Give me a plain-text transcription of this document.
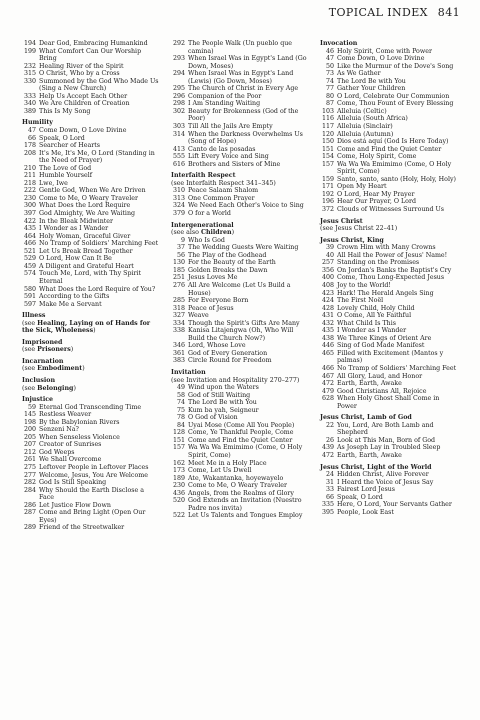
TOPICAL INDEX 841
194 Dear God, Embracing Humankind
199 What Comfort Can Our Worship Bring
232 Healing River of the Spirit
315 O Christ, Who by a Cross
330 Summoned by the God Who Made Us (Sing a New Church)
333 Help Us Accept Each Other
340 We Are Children of Creation
389 This Is My Song
Humility
47 Come Down, O Love Divine
66 Speak, O Lord
178 Searcher of Hearts
208 It's Me, It's Me, O Lord (Standing in the Need of Prayer)
210 The Love of God
211 Humble Yourself
218 Lwe, Iwe
222 Gentle God, When We Are Driven
230 Come to Me, O Weary Traveler
300 What Does the Lord Require
397 God Almighty, We Are Waiting
422 In the Bleak Midwinter
435 I Wonder as I Wander
464 Holy Woman, Graceful Giver
466 No Tramp of Soldiers' Marching Feet
521 Let Us Break Bread Together
529 O Lord, How Can It Be
459 A Diligent and Grateful Heart
574 Touch Me, Lord, with Thy Spirit Eternal
580 What Does the Lord Require of You?
591 According to the Gifts
597 Make Me a Servant
Illness
(see Healing, Laying on of Hands for the Sick, Wholeness)
Imprisoned
(see Prisoners)
Incarnation
(see Embodiment)
Inclusion
(see Belonging)
Injustice
59 Eternal God Transcending Time
145 Restless Weaver
198 By the Babylonian Rivers
200 Senzeni Na?
205 When Senseless Violence
207 Creator of Sunrises
212 God Weeps
261 We Shall Overcome
275 Leftover People in Leftover Places
277 Welcome, Jesus, You Are Welcome
282 God Is Still Speaking
284 Why Should the Earth Disclose a Face
286 Let Justice Flow Down
287 Come and Bring Light (Open Our Eyes)
289 Friend of the Streetwalker
292 The People Walk (Un pueblo que camina)
293 When Israel Was in Egypt's Land (Go Down, Moses)
294 When Israel Was in Egypt's Land (Lewis) (Go Down, Moses)
295 The Church of Christ in Every Age
296 Companion of the Poor
298 I Am Standing Waiting
302 Beauty for Brokenness (God of the Poor)
303 Till All the Jails Are Empty
314 When the Darkness Overwhelms Us (Song of Hope)
413 Canto de las posadas
555 Lift Every Voice and Sing
616 Brothers and Sisters of Mine
Interfaith Respect
(see Interfaith Respect 341–345)
310 Peace Salaam Shalom
313 One Common Prayer
324 We Need Each Other's Voice to Sing
379 O for a World
Intergenerational
(see also Children)
9 Who Is God
37 The Wedding Guests Were Waiting
56 The Play of the Godhead
130 For the Beauty of the Earth
185 Golden Breaks the Dawn
251 Jesus Loves Me
276 All Are Welcome (Let Us Build a House)
285 For Everyone Born
318 Peace of Jesus
327 Weave
334 Though the Spirit's Gifts Are Many
338 Kanisa Litajengwa (Oh, Who Will Build the Church Now?)
346 Lord, Whose Love
361 God of Every Generation
383 Circle Round for Freedom
Invitation
(see Invitation and Hospitality 270–277)
49 Wind upon the Waters
58 God of Still Waiting
74 The Lord Be with You
75 Kum ba yah, Seigneur
78 O God of Vision
84 Uyai Mose (Come All You People)
128 Come, Ye Thankful People, Come
151 Come and Find the Quiet Center
157 Wa Wa Wa Emimimo (Come, O Holy Spirit, Come)
162 Meet Me in a Holy Place
173 Come, Let Us Dwell
189 Ate, Wakantanka, hoyewayelo
230 Come to Me, O Weary Traveler
436 Angels, from the Realms of Glory
520 God Extends an Invitation (Nuestro Padre nos invita)
522 Let Us Talents and Tongues Employ
Invocation
46 Holy Spirit, Come with Power
47 Come Down, O Love Divine
50 Like the Murmur of the Dove's Song
73 As We Gather
74 The Lord Be with You
77 Gather Your Children
80 O Lord, Celebrate Our Communion
87 Come, Thou Fount of Every Blessing
103 Alleluia (Celtic)
116 Alleluia (South Africa)
117 Alleluia (Sinclair)
120 Alleluia (Autumn)
150 Dios está aquí (God Is Here Today)
151 Come and Find the Quiet Center
154 Come, Holy Spirit, Come
157 Wa Wa Wa Emimimo (Come, O Holy Spirit, Come)
159 Santo, santo, santo (Holy, Holy, Holy)
171 Open My Heart
192 O Lord, Hear My Prayer
196 Hear Our Prayer, O Lord
372 Clouds of Witnesses Surround Us
Jesus Christ
(see Jesus Christ 22–41)
Jesus Christ, King
39 Crown Him with Many Crowns
40 All Hail the Power of Jesus' Name!
257 Standing on the Promises
356 On Jordan's Banks the Baptist's Cry
400 Come, Thou Long-Expected Jesus
408 Joy to the World!
423 Hark! The Herald Angels Sing
424 The First Noël
428 Lovely Child, Holy Child
431 O Come, All Ye Faithful
432 What Child Is This
435 I Wonder as I Wander
438 We Three Kings of Orient Are
446 Sing of God Made Manifest
465 Filled with Excitement (Mantos y palmas)
466 No Tramp of Soldiers' Marching Feet
467 All Glory, Laud, and Honor
472 Earth, Earth, Awake
479 Good Christians All, Rejoice
628 When Holy Ghost Shall Come in Power
Jesus Christ, Lamb of God
22 You, Lord, Are Both Lamb and Shepherd
26 Look at This Man, Born of God
439 As Joseph Lay in Troubled Sleep
472 Earth, Earth, Awake
Jesus Christ, Light of the World
24 Hidden Christ, Alive Forever
31 I Heard the Voice of Jesus Say
33 Fairest Lord Jesus
66 Speak, O Lord
335 Here, O Lord, Your Servants Gather
395 People, Look East
